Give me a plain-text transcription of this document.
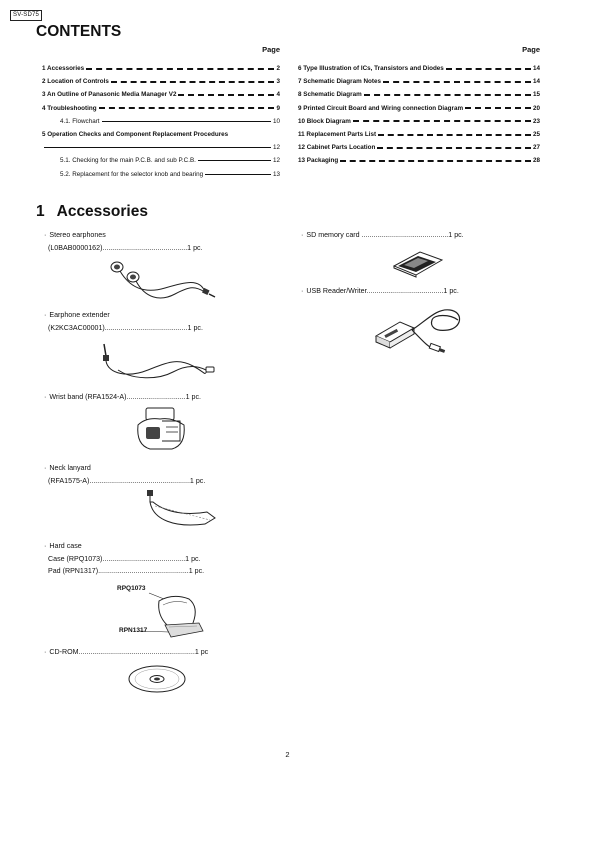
SV-SD75
CONTENTS
Page
1 Accessories	2
2 Location of Controls	3
3 An Outline of Panasonic Media Manager V2	4
4 Troubleshooting	9
4.1. Flowchart	10
5 Operation Checks and Component Replacement Procedures
12
5.1. Checking for the main P.C.B. and sub P.C.B.	12
5.2. Replacement for the selector knob and bearing	13
Page
6 Type Illustration of ICs, Transistors and Diodes	14
7 Schematic Diagram Notes	14
8 Schematic Diagram	15
9 Printed Circuit Board and Wiring connection Diagram	20
10 Block Diagram	23
11 Replacement Parts List	25
12 Cabinet Parts Location	27
13 Packaging	28
1 Accessories
· Stereo earphones
(L0BAB0000162)...........................................1 pc.
· Earphone extender
(K2KC3AC00001)..........................................1 pc.
· Wrist band (RFA1524-A)..............................1 pc.
· Neck lanyard
(RFA1575-A)...................................................1 pc.
· Hard case
Case (RPQ1073)..........................................1 pc.
Pad (RPN1317)..............................................1 pc.
RPQ1073
RPN1317
· CD-ROM...........................................................1 pc
· SD memory card ............................................1 pc.
· USB Reader/Writer.......................................1 pc.
2
